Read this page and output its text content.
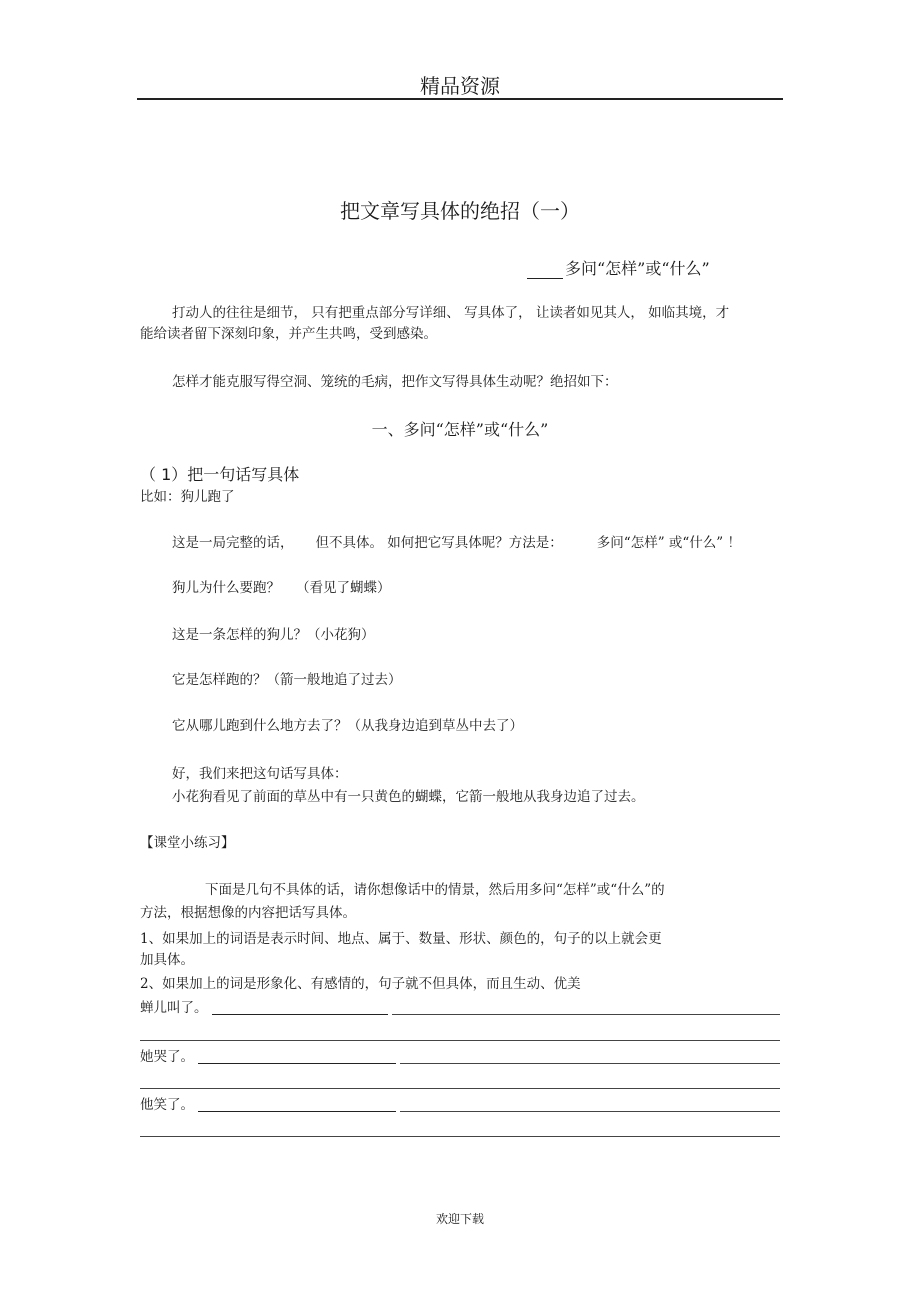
精品资源
把文章写具体的绝招（一）
多问“怎样”或“什么”
打动人的往往是细节， 只有把重点部分写详细、 写具体了， 让读者如见其人， 如临其境，才
能给读者留下深刻印象，并产生共鸣，受到感染。
怎样才能克服写得空洞、笼统的毛病，把作文写得具体生动呢？绝招如下：
一、多问“怎样”或“什么”
（ 1）把一句话写具体
比如：狗儿跑了
这是一局完整的话， 但不具体。 如何把它写具体呢？方法是：	多问“怎样” 或“什么” ！
狗儿为什么要跑？ （看见了蝴蝶）
这是一条怎样的狗儿？（小花狗）
它是怎样跑的？（箭一般地追了过去）
它从哪儿跑到什么地方去了？（从我身边追到草丛中去了）
好，我们来把这句话写具体：
小花狗看见了前面的草丛中有一只黄色的蝴蝶，它箭一般地从我身边追了过去。
【课堂小练习】
下面是几句不具体的话，请你想像话中的情景，然后用多问“怎样”或“什么”的
方法，根据想像的内容把话写具体。
1、如果加上的词语是表示时间、地点、属于、数量、形状、颜色的，句子的以上就会更
加具体。
2、如果加上的词是形象化、有感情的，句子就不但具体，而且生动、优美
蝉儿叫了。
她哭了。
他笑了。
欢迎下载
